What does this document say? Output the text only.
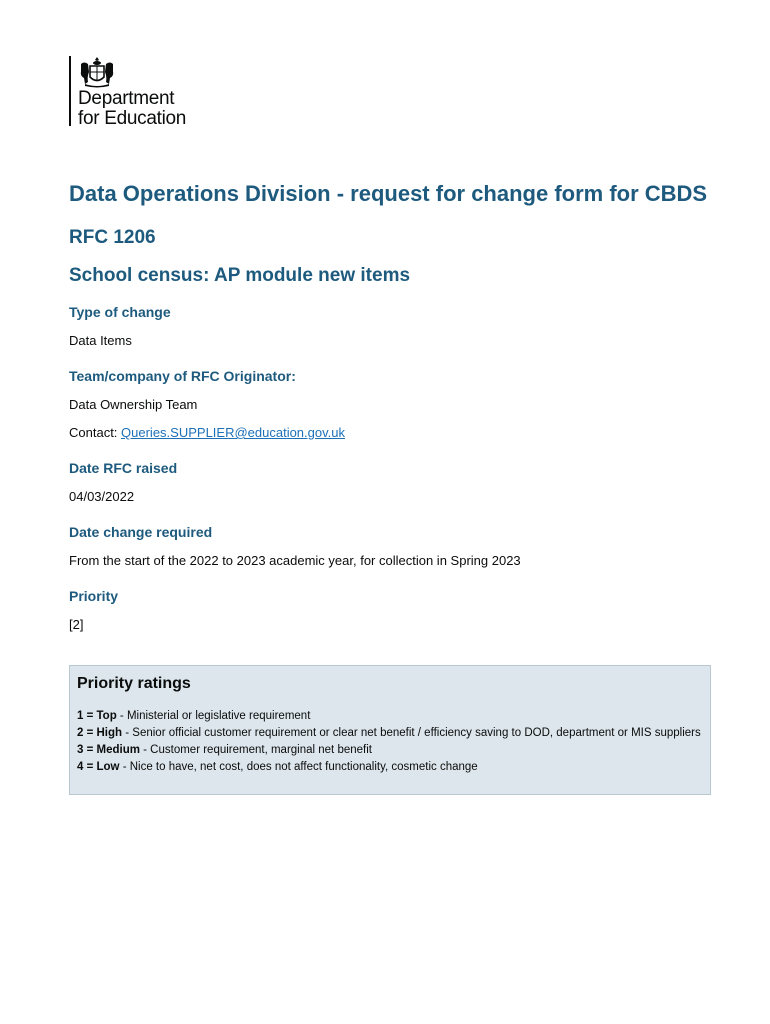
Department
for Education
Data Operations Division - request for change form for CBDS
RFC 1206
School census: AP module new items
Type of change
Data Items
Team/company of RFC Originator:
Data Ownership Team
Contact: Queries.SUPPLIER@education.gov.uk
Date RFC raised
04/03/2022
Date change required
From the start of the 2022 to 2023 academic year, for collection in Spring 2023
Priority
[2]
Priority ratings
1 = Top - Ministerial or legislative requirement
2 = High - Senior official customer requirement or clear net benefit / efficiency saving to DOD, department or MIS suppliers
3 = Medium - Customer requirement, marginal net benefit
4 = Low - Nice to have, net cost, does not affect functionality, cosmetic change
